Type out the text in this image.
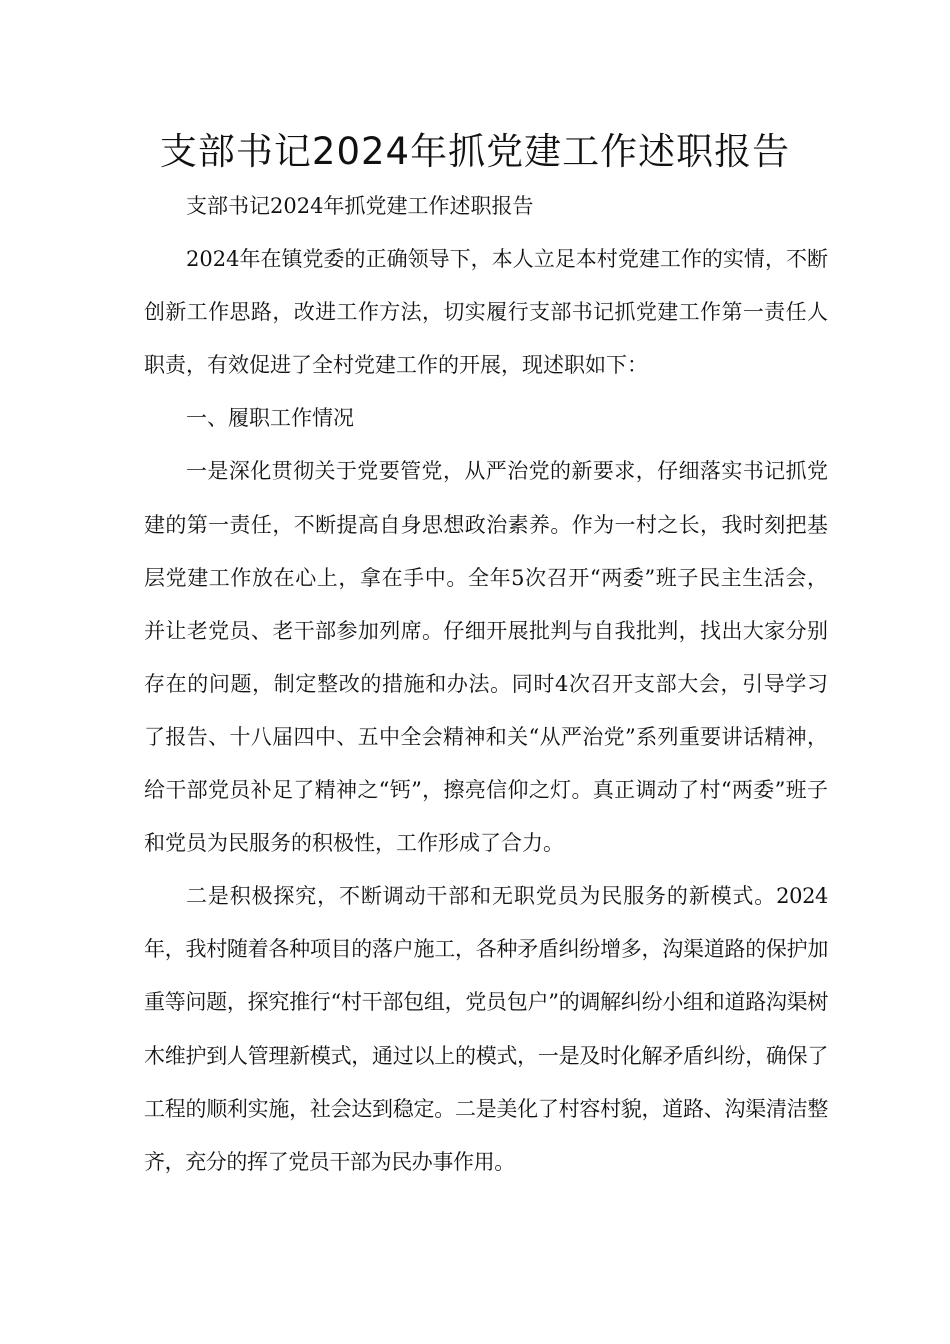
支部书记2024年抓党建工作述职报告

支部书记2024年抓党建工作述职报告

2024年在镇党委的正确领导下，本人立足本村党建工作的实情，不断创新工作思路，改进工作方法，切实履行支部书记抓党建工作第一责任人职责，有效促进了全村党建工作的开展，现述职如下：

一、履职工作情况

一是深化贯彻关于党要管党，从严治党的新要求，仔细落实书记抓党建的第一责任，不断提高自身思想政治素养。作为一村之长，我时刻把基层党建工作放在心上，拿在手中。全年5次召开“两委”班子民主生活会，并让老党员、老干部参加列席。仔细开展批判与自我批判，找出大家分别存在的问题，制定整改的措施和办法。同时4次召开支部大会，引导学习了报告、十八届四中、五中全会精神和关“从严治党”系列重要讲话精神，给干部党员补足了精神之“钙”，擦亮信仰之灯。真正调动了村“两委”班子和党员为民服务的积极性，工作形成了合力。

二是积极探究，不断调动干部和无职党员为民服务的新模式。2024年，我村随着各种项目的落户施工，各种矛盾纠纷增多，沟渠道路的保护加重等问题，探究推行“村干部包组，党员包户”的调解纠纷小组和道路沟渠树木维护到人管理新模式，通过以上的模式，一是及时化解矛盾纠纷，确保了工程的顺利实施，社会达到稳定。二是美化了村容村貌，道路、沟渠清洁整齐，充分的挥了党员干部为民办事作用。
